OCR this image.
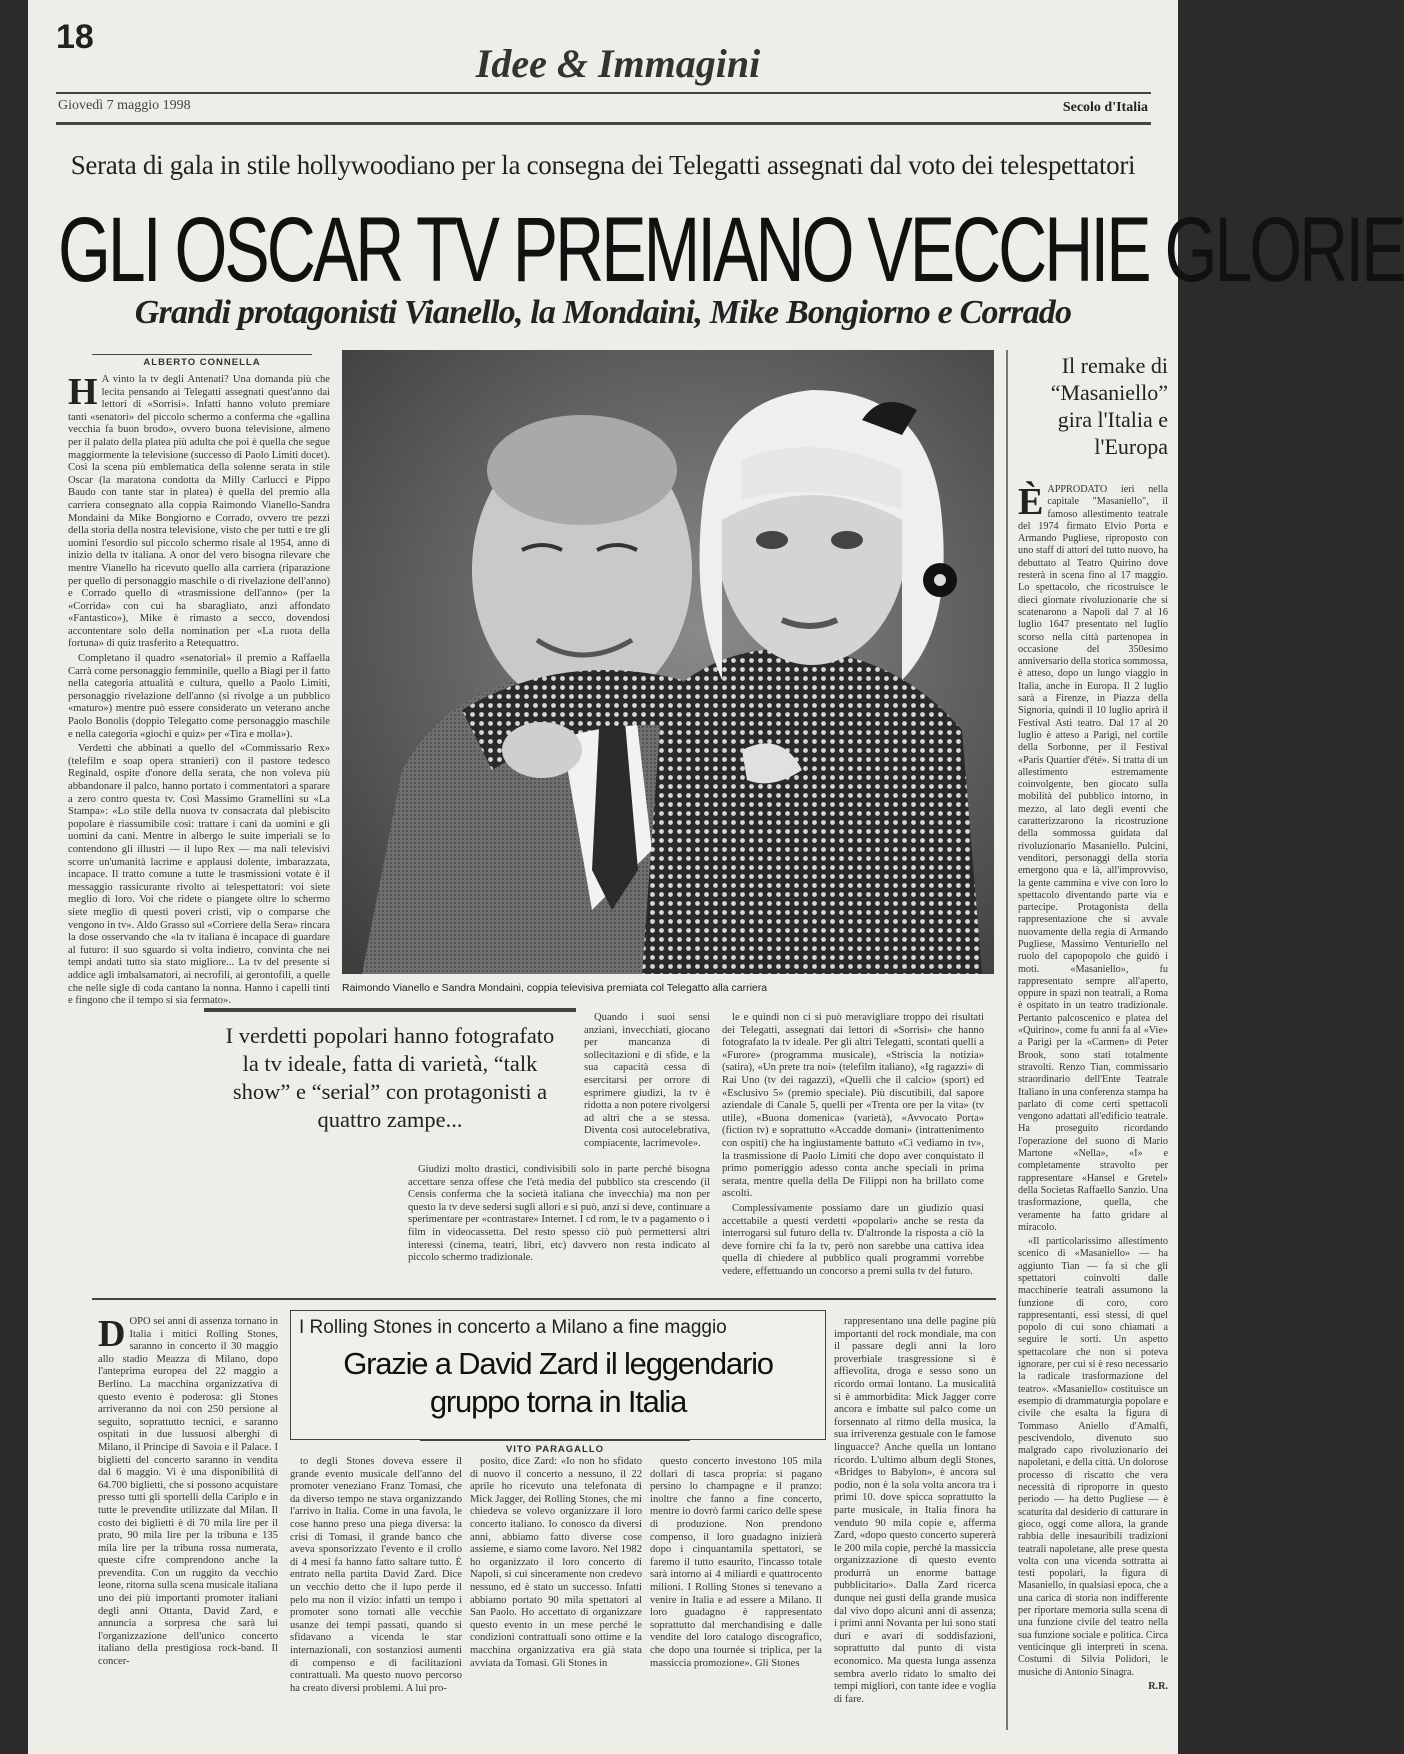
18
Idee & Immagini
Giovedì 7 maggio 1998	Secolo d'Italia
Serata di gala in stile hollywoodiano per la consegna dei Telegatti assegnati dal voto dei telespettatori
GLI OSCAR TV PREMIANO VECCHIE GLORIE
Grandi protagonisti Vianello, la Mondaini, Mike Bongiorno e Corrado
ALBERTO CONNELLA
H A vinto la tv degli Antenati? Una domanda più che lecita pensando ai Telegatti assegnati quest'anno dai lettori di «Sorrisi». Infatti hanno voluto premiare tanti «senatori» del piccolo schermo a conferma che «gallina vecchia fa buon brodo», ovvero buona televisione, almeno per il palato della platea più adulta che poi è quella che segue maggiormente la televisione (successo di Paolo Limiti docet). Così la scena più emblematica della solenne serata in stile Oscar (la maratona condotta da Milly Carlucci e Pippo Baudo con tante star in platea) è quella del premio alla carriera consegnato alla coppia Raimondo Vianello-Sandra Mondaini da Mike Bongiorno e Corrado, ovvero tre pezzi della storia della nostra televisione, visto che per tutti e tre gli uomini l'esordio sul piccolo schermo risale al 1954, anno di inizio della tv italiana. A onor del vero bisogna rilevare che mentre Vianello ha ricevuto quello alla carriera (riparazione per quello di personaggio maschile o di rivelazione dell'anno) e Corrado quello di «trasmissione dell'anno» (per la «Corrida» con cui ha sbaragliato, anzi affondato «Fantastico»), Mike è rimasto a secco, dovendosi accontentare solo della nomination per «La ruota della fortuna» di quiz trasferito a Retequattro.

Completano il quadro «senatorial» il premio a Raffaella Carrà come personaggio femminile, quello a Biagi per il fatto nella categoria attualità e cultura, quello a Paolo Limiti, personaggio rivelazione dell'anno (si rivolge a un pubblico «maturo») mentre può essere considerato un veterano anche Paolo Bonolis (doppio Telegatto come personaggio maschile e nella categoria «giochi e quiz» per «Tira e molla»).

Verdetti che abbinati a quello del «Commissario Rex» (telefilm e soap opera stranieri) con il pastore tedesco Reginald, ospite d'onore della serata, che non voleva più abbandonare il palco, hanno portato i commentatori a sparare a zero contro questa tv. Così Massimo Gramellini su «La Stampa»: «Lo stile della nuova tv consacrata dal plebiscito popolare è riassumibile così: trattare i cani da uomini e gli uomini da cani. Mentre in albergo le suite imperiali se lo contendono gli illustri — il lupo Rex — ma nali televisivi scorre un'umanità lacrime e applausi dolente, imbarazzata, incapace. Il tratto comune a tutte le trasmissioni votate è il messaggio rassicurante rivolto ai telespettatori: voi siete meglio di loro. Voi che ridete o piangete oltre lo schermo siete meglio di questi poveri cristi, vip o comparse che vengono in tv». Aldo Grasso sul «Corriere della Sera» rincara la dose osservando che «la tv italiana è incapace di guardare al futuro: il suo sguardo si volta indietro, convinta che nei tempi andati tutto sia stato migliore... La tv del presente si addice agli imbalsamatori, ai necrofili, ai gerontofili, a quelle che nelle sigle di coda cantano la nonna. Hanno i capelli tinti e fingono che il tempo si sia fermato».

Raimondo Vianello e Sandra Mondaini, coppia televisiva premiata col Telegatto alla carriera
I verdetti popolari hanno fotografato la tv ideale, fatta di varietà, “talk show” e “serial” con protagonisti a quattro zampe...

Quando i suoi sensi anziani, invecchiati, giocano per mancanza di sollecitazioni e di sfide, e la sua capacità cessa di esercitarsi per orrore di esprimere giudizi, la tv è ridotta a non potere rivolgersi ad altri che a se stessa. Diventa così autocelebrativa, compiacente, lacrimevole».

Giudizi molto drastici, condivisibili solo in parte perché bisogna accettare senza offese che l'età media del pubblico sta crescendo (il Censis conferma che la società italiana che invecchia) ma non per questo la tv deve sedersi sugli allori e si può, anzi si deve, continuare a sperimentare per «contrastare» Internet. I cd rom, le tv a pagamento o i film in videocassetta. Del resto spesso ciò può permettersi altri interessi (cinema, teatri, libri, etc) davvero non resta indicato al piccolo schermo tradizionale.

le e quindi non ci si può meravigliare troppo dei risultati dei Telegatti, assegnati dai lettori di «Sorrisi» che hanno fotografato la tv ideale. Per gli altri Telegatti, scontati quelli a «Furore» (programma musicale), «Striscia la notizia» (satira), «Un prete tra noi» (telefilm italiano), «Ig ragazzi» di Rai Uno (tv dei ragazzi), «Quelli che il calcio» (sport) ed «Esclusivo 5» (premio speciale). Più discutibili, dal sapore aziendale di Canale 5, quelli per «Trenta ore per la vita» (tv utile), «Buona domenica» (varietà), «Avvocato Porta» (fiction tv) e soprattutto «Accadde domani» (intrattenimento con ospiti) che ha ingiustamente battuto «Ci vediamo in tv», la trasmissione di Paolo Limiti che dopo aver conquistato il primo pomeriggio adesso conta anche speciali in prima serata, mentre quella della De Filippi non ha brillato come ascolti.

Complessivamente possiamo dare un giudizio quasi accettabile a questi verdetti «popolari» anche se resta da interrogarsi sul futuro della tv. D'altronde la risposta a ciò la deve fornire chi fa la tv, però non sarebbe una cattiva idea quella di chiedere al pubblico quali programmi vorrebbe vedere, effettuando un concorso a premi sulla tv del futuro.

Il remake di “Masaniello” gira l'Italia e l'Europa
È APPRODATO ieri nella capitale "Masaniello", il famoso allestimento teatrale del 1974 firmato Elvio Porta e Armando Pugliese, riproposto con uno staff di attori del tutto nuovo, ha debuttato al Teatro Quirino dove resterà in scena fino al 17 maggio. Lo spettacolo, che ricostruisce le dieci giornate rivoluzionarie che si scatenarono a Napoli dal 7 al 16 luglio 1647 presentato nel luglio scorso nella città partenopea in occasione del 350esimo anniversario della storica sommossa, è atteso, dopo un lungo viaggio in Italia, anche in Europa. Il 2 luglio sarà a Firenze, in Piazza della Signoria, quindi il 10 luglio aprirà il Festival Asti teatro. Dal 17 al 20 luglio è atteso a Parigi, nel cortile della Sorbonne, per il Festival «Paris Quartier d'été». Si tratta di un allestimento estremamente coinvolgente, ben giocato sulla mobilità del pubblico intorno, in mezzo, al lato degli eventi che caratterizzarono la ricostruzione della sommossa guidata dal rivoluzionario Masaniello. Pulcini, venditori, personaggi della storia emergono qua e là, all'improvviso, la gente cammina e vive con loro lo spettacolo diventando parte via e partecipe. Protagonista della rappresentazione che si avvale nuovamente della regia di Armando Pugliese, Massimo Venturiello nel ruolo del capopopolo che guidò i moti. «Masaniello», fu rappresentato sempre all'aperto, oppure in spazi non teatrali, a Roma è ospitato in un teatro tradizionale. Pertanto palcoscenico e platea del «Quirino», come fu anni fa al «Vie» a Parigi per la «Carmen» di Peter Brook, sono stati totalmente stravolti. Renzo Tian, commissario straordinario dell'Ente Teatrale Italiano in una conferenza stampa ha parlato di come certi spettacoli vengono adattati all'edificio teatrale. Ha proseguito ricordando l'operazione del suono di Mario Martone «Nella», «I» e completamente stravolto per rappresentare «Hansel e Gretel» della Societas Raffaello Sanzio. Una trasformazione, quella, che veramente ha fatto gridare al miracolo.

«Il particolarissimo allestimento scenico di «Masaniello» — ha aggiunto Tian — fa sì che gli spettatori coinvolti dalle macchinerie teatrali assumono la funzione di coro, coro rappresentanti, essi stessi, di quel popolo di cui sono chiamati a seguire le sorti. Un aspetto spettacolare che non si poteva ignorare, per cui si è reso necessario la radicale trasformazione del teatro». «Masaniello» costituisce un esempio di drammaturgia popolare e civile che esalta la figura di Tommaso Aniello d'Amalfi, pescivendolo, divenuto suo malgrado capo rivoluzionario dei napoletani, e della città. Un dolorose processo di riscatto che vera necessità di riproporre in questo periodo — ha detto Pugliese — è scaturita dal desiderio di catturare in gioco, oggi come allora, la grande rabbia delle inesauribili tradizioni teatrali napoletane, alle prese questa volta con una vicenda sottratta ai testi popolari, la figura di Masaniello, in qualsiasi epoca, che a una carica di storia non indifferente per riportare memoria sulla scena di una funzione civile del teatro nella sua funzione sociale e politica. Circa venticinque gli interpreti in scena. Costumi di Silvia Polidori, le musiche di Antonio Sinagra.

R.R.

D OPO sei anni di assenza tornano in Italia i mitici Rolling Stones, saranno in concerto il 30 maggio allo stadio Meazza di Milano, dopo l'anteprima europea del 22 maggio a Berlino. La macchina organizzativa di questo evento è poderosa: gli Stones arriveranno da noi con 250 persione al seguito, soprattutto tecnici, e saranno ospitati in due lussuosi alberghi di Milano, il Principe di Savoia e il Palace. I biglietti del concerto saranno in vendita dal 6 maggio. Vi è una disponibilità di 64.700 biglietti, che si possono acquistare presso tutti gli sportelli della Cariplo e in tutte le prevendite utilizzate dal Milan. Il costo dei biglietti è di 70 mila lire per il prato, 90 mila lire per la tribuna e 135 mila lire per la tribuna rossa numerata, queste cifre comprendono anche la prevendita. Con un ruggito da vecchio leone, ritorna sulla scena musicale italiana uno dei più importanti promoter italiani degli anni Ottanta, David Zard, e annuncia a sorpresa che sarà lui l'organizzazione dell'unico concerto italiano della prestigiosa rock-band. Il concer-

I Rolling Stones in concerto a Milano a fine maggio
Grazie a David Zard il leggendario gruppo torna in Italia
VITO PARAGALLO

to degli Stones doveva essere il grande evento musicale dell'anno del promoter veneziano Franz Tomasi, che da diverso tempo ne stava organizzando l'arrivo in Italia. Come in una favola, le cose hanno preso una piega diversa: la crisi di Tomasi, il grande banco che aveva sponsorizzato l'evento e il crollo di 4 mesi fa hanno fatto saltare tutto. È entrato nella partita David Zard. Dice un vecchio detto che il lupo perde il pelo ma non il vizio: infatti un tempo i promoter sono tornati alle vecchie usanze dei tempi passati, quando si sfidavano a vicenda le star internazionali, con sostanziosi aumenti di compenso e di facilitazioni contrattuali. Ma questo nuovo percorso ha creato diversi problemi. A lui pro-

posito, dice Zard: «Io non ho sfidato di nuovo il concerto a nessuno, il 22 aprile ho ricevuto una telefonata di Mick Jagger, dei Rolling Stones, che mi chiedeva se volevo organizzare il loro concerto italiano. Io conosco da diversi anni, abbiamo fatto diverse cose assieme, e siamo come lavoro. Nel 1982 ho organizzato il loro concerto di Napoli, si cui sinceramente non credevo nessuno, ed è stato un successo. Infatti abbiamo portato 90 mila spettatori al San Paolo. Ho accettato di organizzare questo evento in un mese perché le condizioni contrattuali sono ottime e la macchina organizzativa era già stata avviata da Tomasi. Gli Stones in

questo concerto investono 105 mila dollari di tasca propria: si pagano persino lo champagne e il pranzo: inoltre che fanno a fine concerto, mentre io dovrò farmi carico delle spese di produzione. Non prendono compenso, il loro guadagno inizierà dopo i cinquantamila spettatori, se faremo il tutto esaurito, l'incasso totale sarà intorno ai 4 miliardi e quattrocento milioni. I Rolling Stones si tenevano a venire in Italia e ad essere a Milano. Il loro guadagno è rappresentato soprattutto dal merchandising e dalle vendite del loro catalogo discografico, che dopo una tournée si triplica, per la massiccia promozione». Gli Stones

rappresentano una delle pagine più importanti del rock mondiale, ma con il passare degli anni la loro proverbiale trasgressione si è affievolita, droga e sesso sono un ricordo ormai lontano. La musicalità si è ammorbidita: Mick Jagger corre ancora e imbatte sul palco come un forsennato al ritmo della musica, la sua irriverenza gestuale con le famose linguacce? Anche quella un lontano ricordo. L'ultimo album degli Stones, «Bridges to Babylon», è ancora sul podio, non è la sola volta ancora tra i primi 10. dove spicca soprattutto la parte musicale, in Italia finora ha venduto 90 mila copie e, afferma Zard, «dopo questo concerto supererà le 200 mila copie, perché la massiccia organizzazione di questo evento produrrà un enorme battage pubblicitario». Dalla Zard ricerca dunque nei gusti della grande musica dal vivo dopo alcuni anni di assenza; i primi anni Novanta per lui sono stati duri e avari di soddisfazioni, soprattutto dal punto di vista economico. Ma questa lunga assenza sembra averlo ridato lo smalto dei tempi migliori, con tante idee e voglia di fare.
